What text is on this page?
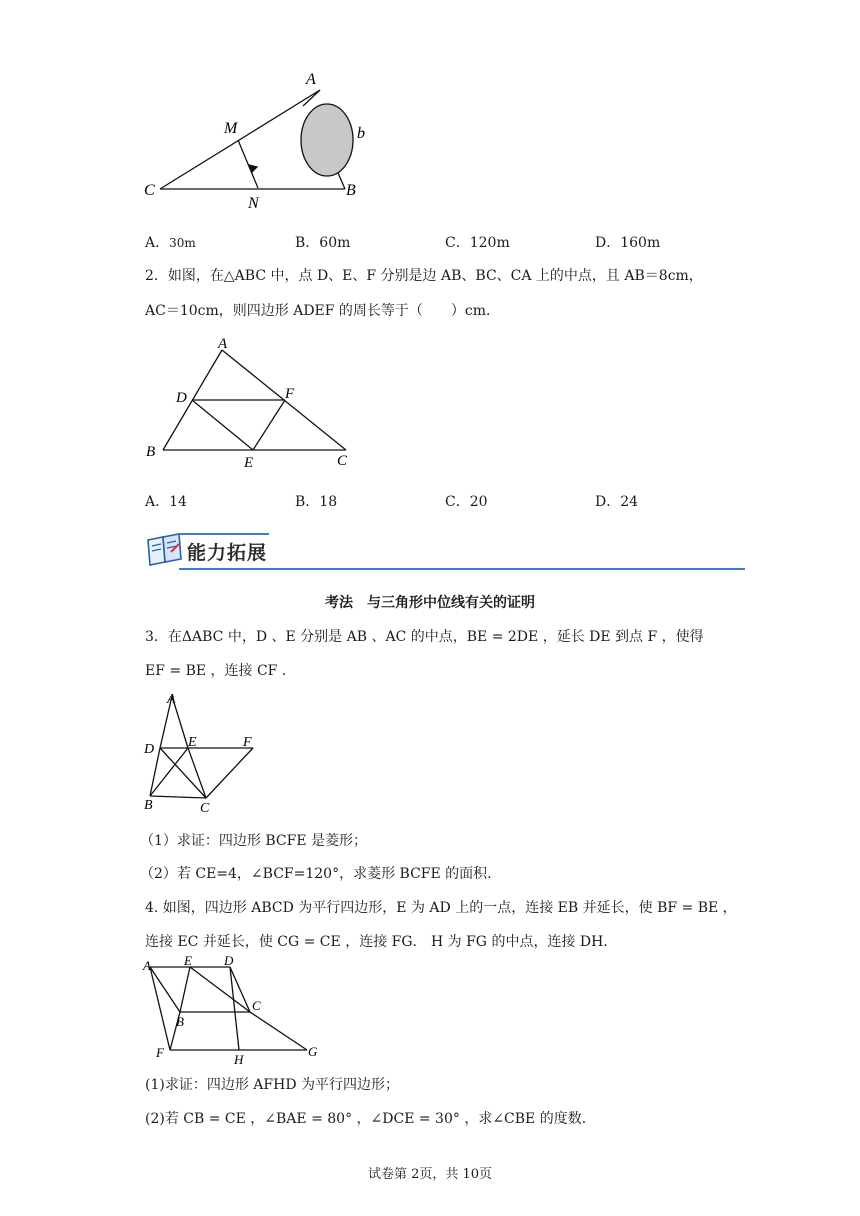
A
M	b
C
N
B
A．30m	B．60m	C．120m	D．160m
2．如图，在△ABC 中，点 D、E、F 分别是边 AB、BC、CA 上的中点，且 AB＝8cm，
AC＝10cm，则四边形 ADEF 的周长等于（　　）cm．
A
D	F
B
E	C
A．14	B．18	C．20	D．24
能力拓展
考法　与三角形中位线有关的证明
3．在ΔABC 中，D 、E 分别是 AB 、AC 的中点，BE = 2DE ，延长 DE 到点 F ，使得
EF = BE ，连接 CF .
A
D E	F
B	C
（1）求证：四边形 BCFE 是菱形；
（2）若 CE=4，∠BCF=120°，求菱形 BCFE 的面积.
4. 如图，四边形 ABCD 为平行四边形，E 为 AD 上的一点，连接 EB 并延长，使 BF = BE ，
连接 EC 并延长，使 CG = CE ，连接 FG． H 为 FG 的中点，连接 DH．
A	E D
C
B
F	H
G
(1)求证：四边形 AFHD 为平行四边形；
(2)若 CB = CE ，∠BAE = 80° ，∠DCE = 30° ，求∠CBE 的度数.
试卷第 2页，共 10页
